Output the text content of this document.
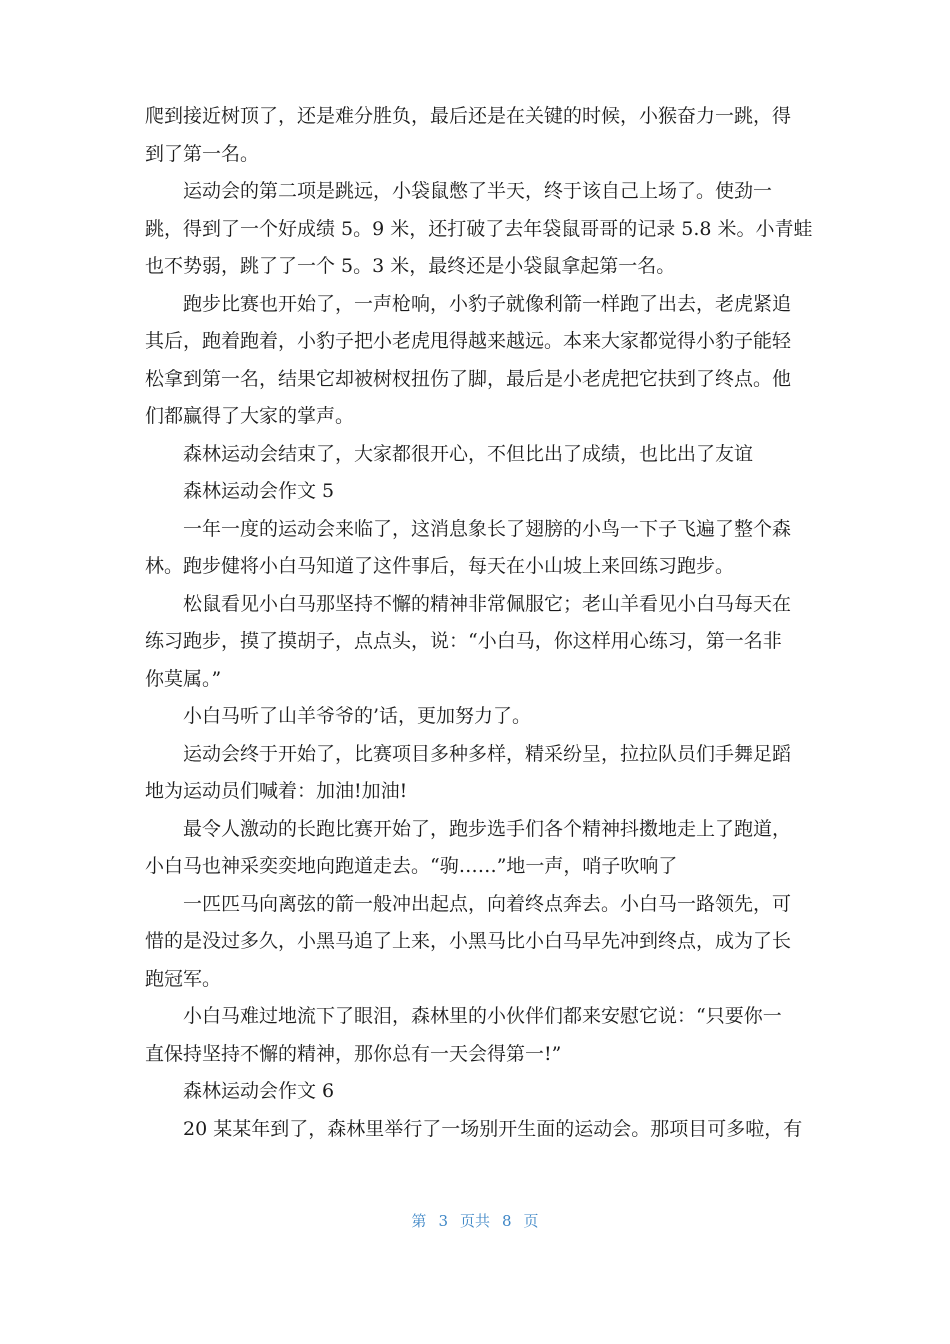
爬到接近树顶了，还是难分胜负，最后还是在关键的时候，小猴奋力一跳，得
到了第一名。
运动会的第二项是跳远，小袋鼠憋了半天，终于该自己上场了。使劲一
跳，得到了一个好成绩 5。9 米，还打破了去年袋鼠哥哥的记录 5.8 米。小青蛙
也不势弱，跳了了一个 5。3 米，最终还是小袋鼠拿起第一名。
跑步比赛也开始了，一声枪响，小豹子就像利箭一样跑了出去，老虎紧追
其后，跑着跑着，小豹子把小老虎甩得越来越远。本来大家都觉得小豹子能轻
松拿到第一名，结果它却被树杈扭伤了脚，最后是小老虎把它扶到了终点。他
们都赢得了大家的掌声。
森林运动会结束了，大家都很开心，不但比出了成绩，也比出了友谊
森林运动会作文 5
一年一度的运动会来临了，这消息象长了翅膀的小鸟一下子飞遍了整个森
林。跑步健将小白马知道了这件事后，每天在小山坡上来回练习跑步。
松鼠看见小白马那坚持不懈的精神非常佩服它；老山羊看见小白马每天在
练习跑步，摸了摸胡子，点点头，说：“小白马，你这样用心练习，第一名非
你莫属。”
小白马听了山羊爷爷的’话，更加努力了。
运动会终于开始了，比赛项目多种多样，精采纷呈，拉拉队员们手舞足蹈
地为运动员们喊着：加油!加油!
最令人激动的长跑比赛开始了，跑步选手们各个精神抖擞地走上了跑道，
小白马也神采奕奕地向跑道走去。“驹……”地一声，哨子吹响了
一匹匹马向离弦的箭一般冲出起点，向着终点奔去。小白马一路领先，可
惜的是没过多久，小黑马追了上来，小黑马比小白马早先冲到终点，成为了长
跑冠军。
小白马难过地流下了眼泪，森林里的小伙伴们都来安慰它说：“只要你一
直保持坚持不懈的精神，那你总有一天会得第一!”
森林运动会作文 6
20 某某年到了，森林里举行了一场别开生面的运动会。那项目可多啦，有
第 3 页共 8 页
